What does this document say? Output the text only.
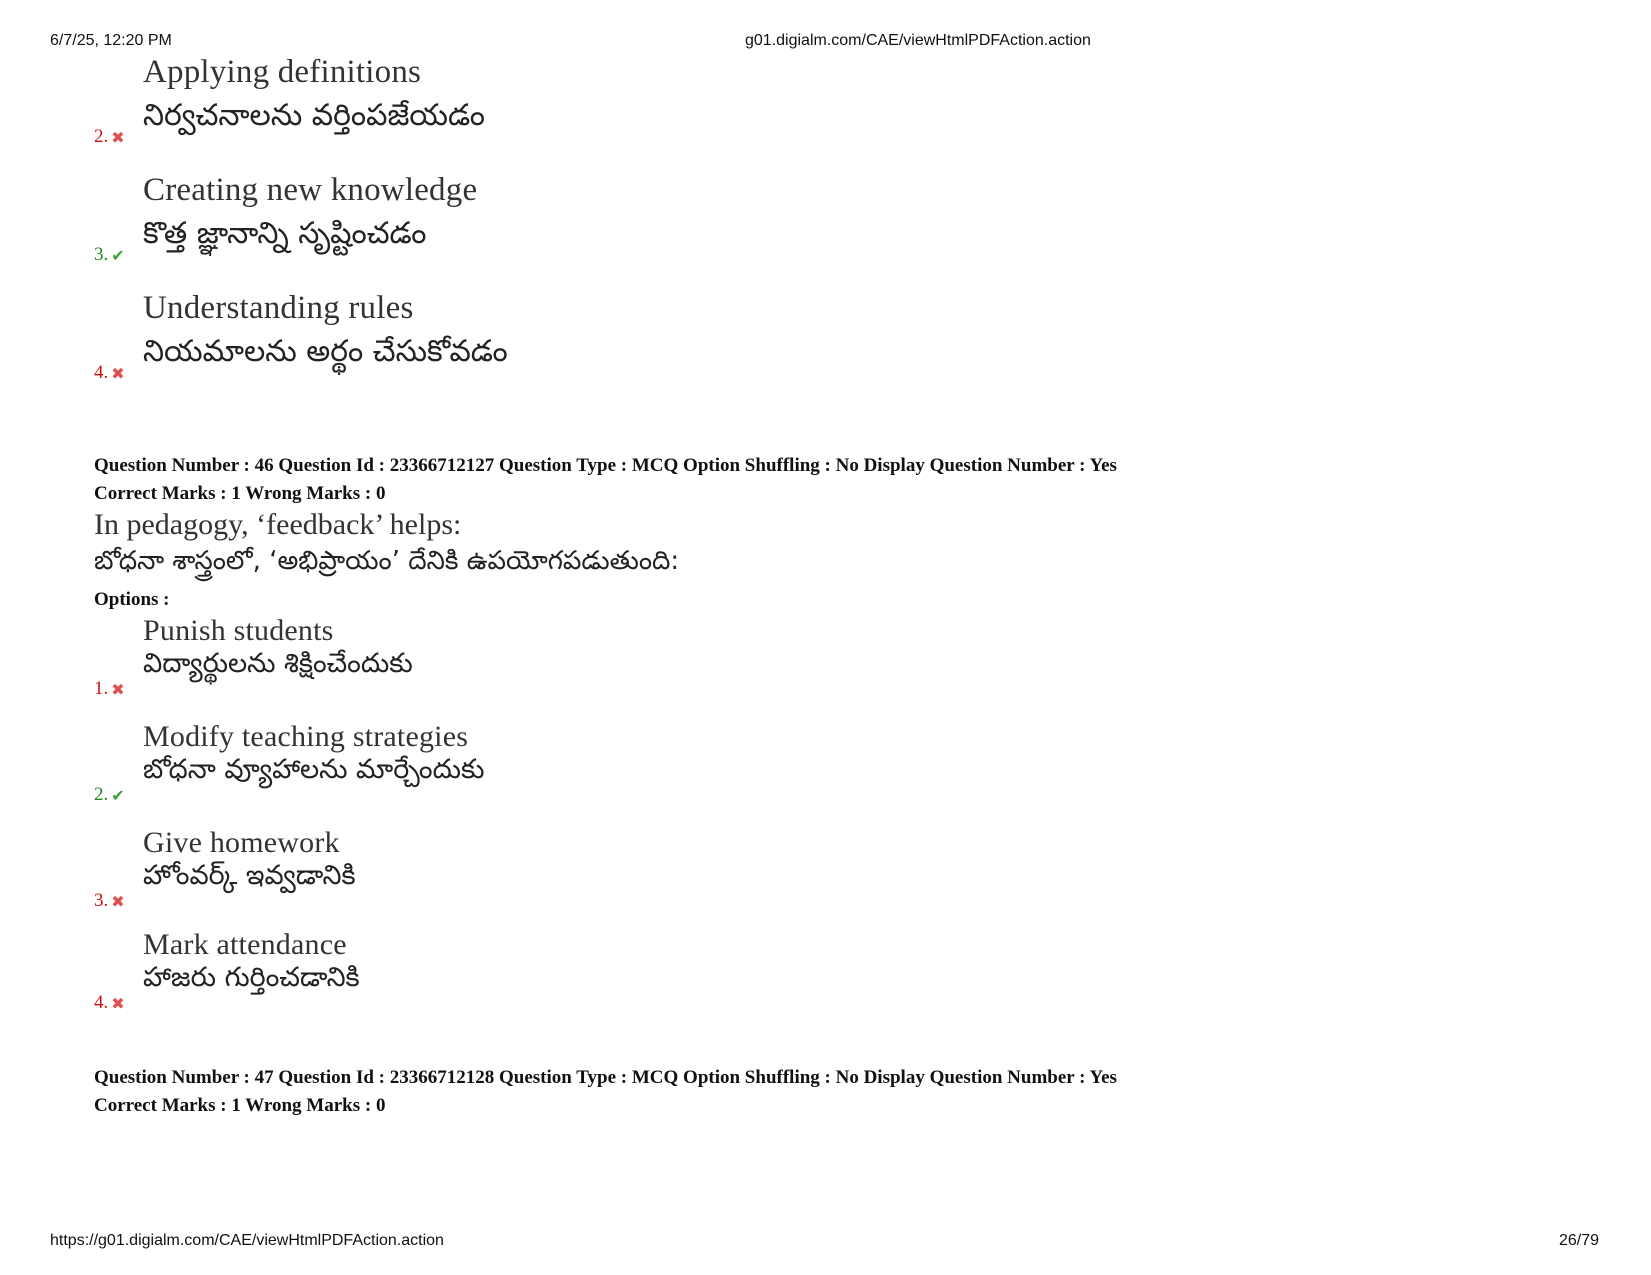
6/7/25, 12:20 PM	g01.digialm.com/CAE/viewHtmlPDFAction.action
Applying definitions
నిర్వచనాలను వర్తింపజేయడం
2. ✖
Creating new knowledge
కొత్త జ్ఞానాన్ని సృష్టించడం
3. ✔
Understanding rules
నియమాలను అర్థం చేసుకోవడం
4. ✖
Question Number : 46 Question Id : 23366712127 Question Type : MCQ Option Shuffling : No Display Question Number : Yes
Correct Marks : 1 Wrong Marks : 0
In pedagogy, ‘feedback’ helps:
బోధనా శాస్త్రంలో, ‘అభిప్రాయం’ దేనికి ఉపయోగపడుతుంది:
Options :
Punish students
విద్యార్థులను శిక్షించేందుకు
1. ✖
Modify teaching strategies
బోధనా వ్యూహాలను మార్చేందుకు
2. ✔
Give homework
హోంవర్క్ ఇవ్వడానికి
3. ✖
Mark attendance
హాజరు గుర్తించడానికి
4. ✖
Question Number : 47 Question Id : 23366712128 Question Type : MCQ Option Shuffling : No Display Question Number : Yes
Correct Marks : 1 Wrong Marks : 0
https://g01.digialm.com/CAE/viewHtmlPDFAction.action	26/79
